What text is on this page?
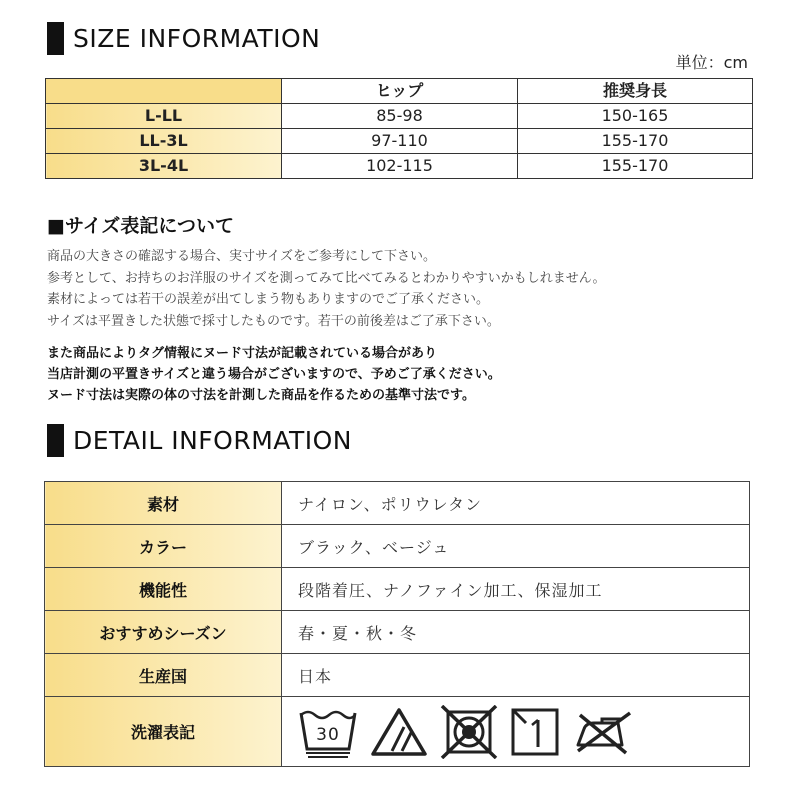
SIZE INFORMATION
単位：cm
	ヒップ	推奨身長
L-LL	85-98	150-165
LL-3L	97-110	155-170
3L-4L	102-115	155-170
■サイズ表記について
商品の大きさの確認する場合、実寸サイズをご参考にして下さい。
参考として、お持ちのお洋服のサイズを測ってみて比べてみるとわかりやすいかもしれません。
素材によっては若干の誤差が出てしまう物もありますのでご了承ください。
サイズは平置きした状態で採寸したものです。若干の前後差はご了承下さい。
また商品によりタグ情報にヌード寸法が記載されている場合があり
当店計測の平置きサイズと違う場合がございますので、予めご了承ください。
ヌード寸法は実際の体の寸法を計測した商品を作るための基準寸法です。
DETAIL INFORMATION
素材	ナイロン、ポリウレタン
カラー	ブラック、ベージュ
機能性	段階着圧、ナノファイン加工、保湿加工
おすすめシーズン	春・夏・秋・冬
生産国	日本
洗濯表記	30
